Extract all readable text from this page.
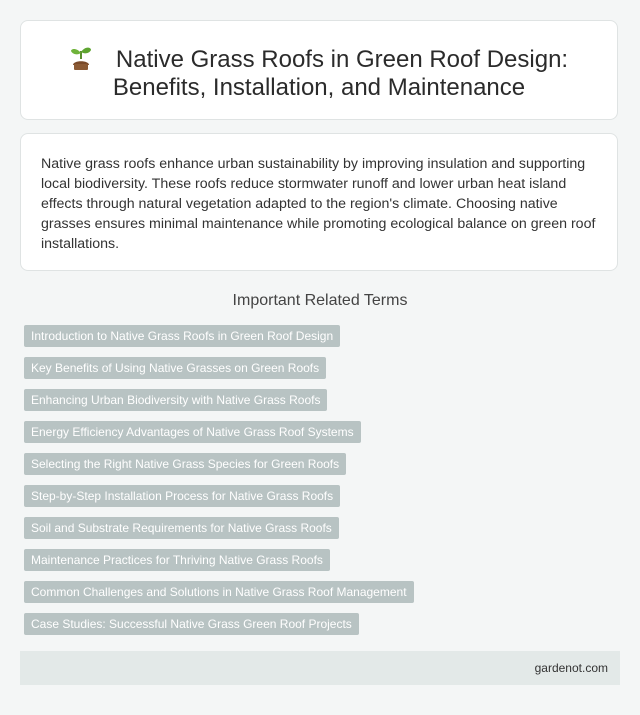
Native Grass Roofs in Green Roof Design:
Benefits, Installation, and Maintenance
Native grass roofs enhance urban sustainability by improving insulation and supporting local biodiversity. These roofs reduce stormwater runoff and lower urban heat island effects through natural vegetation adapted to the region's climate. Choosing native grasses ensures minimal maintenance while promoting ecological balance on green roof installations.
Important Related Terms
Introduction to Native Grass Roofs in Green Roof Design
Key Benefits of Using Native Grasses on Green Roofs
Enhancing Urban Biodiversity with Native Grass Roofs
Energy Efficiency Advantages of Native Grass Roof Systems
Selecting the Right Native Grass Species for Green Roofs
Step-by-Step Installation Process for Native Grass Roofs
Soil and Substrate Requirements for Native Grass Roofs
Maintenance Practices for Thriving Native Grass Roofs
Common Challenges and Solutions in Native Grass Roof Management
Case Studies: Successful Native Grass Green Roof Projects
gardenot.com
